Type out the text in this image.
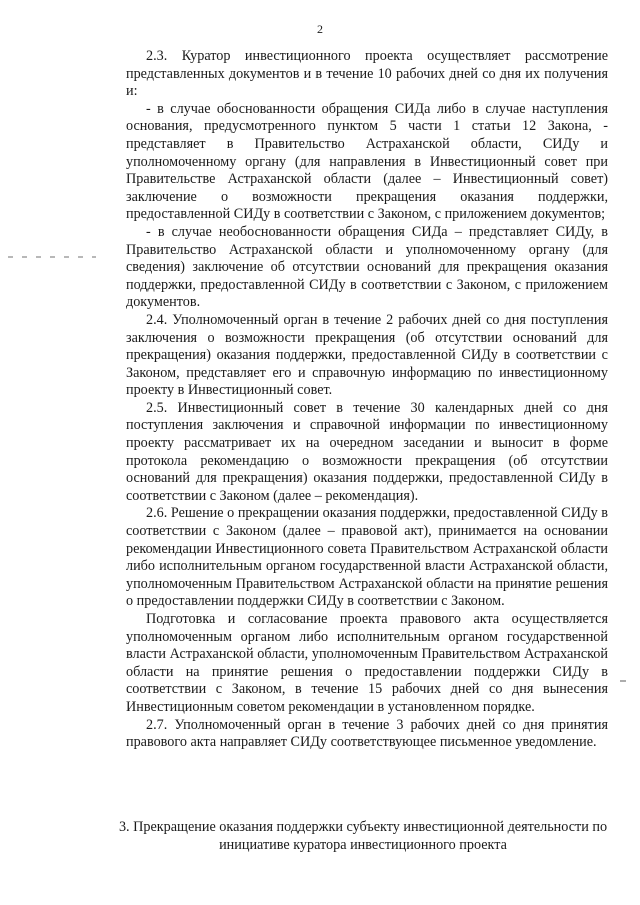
2

2.3. Куратор инвестиционного проекта осуществляет рассмотрение представленных документов и в течение 10 рабочих дней со дня их получения и:

- в случае обоснованности обращения СИДа либо в случае наступления основания, предусмотренного пунктом 5 части 1 статьи 12 Закона, - представляет в Правительство Астраханской области, СИДу и уполномоченному органу (для направления в Инвестиционный совет при Правительстве Астраханской области (далее – Инвестиционный совет) заключение о возможности прекращения оказания поддержки, предоставленной СИДу в соответствии с Законом, с приложением документов;

- в случае необоснованности обращения СИДа – представляет СИДу, в Правительство Астраханской области и уполномоченному органу (для сведения) заключение об отсутствии оснований для прекращения оказания поддержки, предоставленной СИДу в соответствии с Законом, с приложением документов.

2.4. Уполномоченный орган в течение 2 рабочих дней со дня поступления заключения о возможности прекращения (об отсутствии оснований для прекращения) оказания поддержки, предоставленной СИДу в соответствии с Законом, представляет его и справочную информацию по инвестиционному проекту в Инвестиционный совет.

2.5. Инвестиционный совет в течение 30 календарных дней со дня поступления заключения и справочной информации по инвестиционному проекту рассматривает их на очередном заседании и выносит в форме протокола рекомендацию о возможности прекращения (об отсутствии оснований для прекращения) оказания поддержки, предоставленной СИДу в соответствии с Законом (далее – рекомендация).

2.6. Решение о прекращении оказания поддержки, предоставленной СИДу в соответствии с Законом (далее – правовой акт), принимается на основании рекомендации Инвестиционного совета Правительством Астраханской области либо исполнительным органом государственной власти Астраханской области, уполномоченным Правительством Астраханской области на принятие решения о предоставлении поддержки СИДу в соответствии с Законом.

Подготовка и согласование проекта правового акта осуществляется уполномоченным органом либо исполнительным органом государственной власти Астраханской области, уполномоченным Правительством Астраханской области на принятие решения о предоставлении поддержки СИДу в соответствии с Законом, в течение 15 рабочих дней со дня вынесения Инвестиционным советом рекомендации в установленном порядке.

2.7. Уполномоченный орган в течение 3 рабочих дней со дня принятия правового акта направляет СИДу соответствующее письменное уведомление.

3. Прекращение оказания поддержки субъекту инвестиционной деятельности по инициативе куратора инвестиционного проекта
